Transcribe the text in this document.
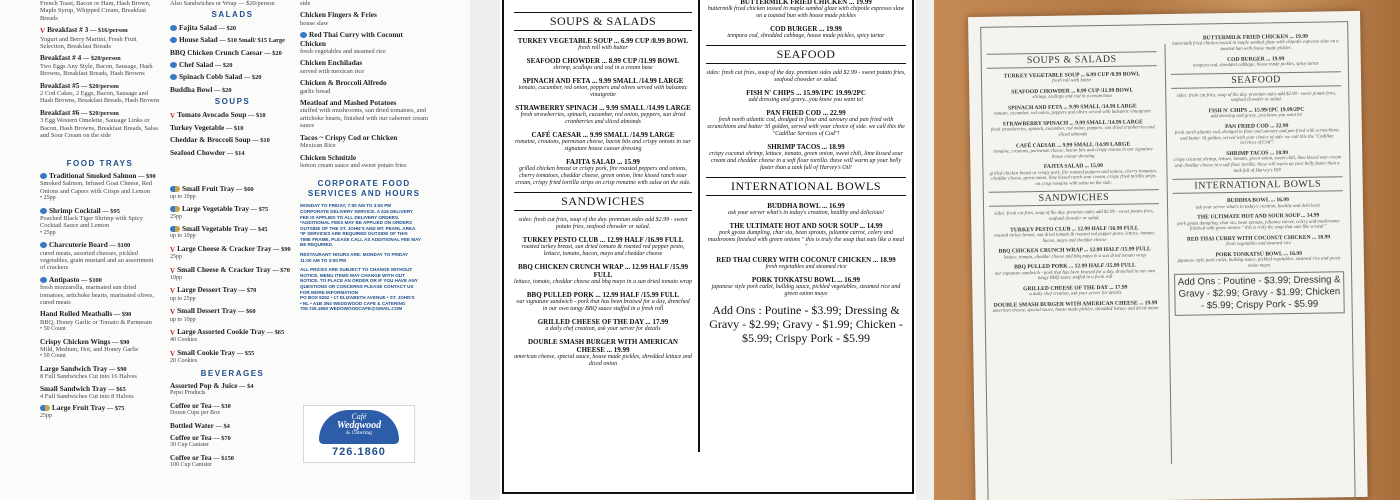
French Toast, Bacon or Ham, Hash Brown, Maple Syrup, Whipped Cream, Breakfast Breads
V Breakfast # 3 — $16/person
Yogurt and Berry Martini, Fresh Fruit Selection, Breakfast Breads
Breakfast # 4 — $20/person
Two Eggs Any Style, Bacon, Sausage, Hash Browns, Breakfast Breads, Hash Browns
Breakfast #5 — $20/person
2 Cod Cakes, 2 Eggs, Bacon, Sausage and Hash Browns, Breakfast Breads, Hash Browns
Breakfast #6 — $20/person
3 Egg Western Omelette, Sausage Links or Bacon, Hash Browns, Breakfast Breads, Salsa and Sour Cream on the side
FOOD TRAYS
Traditional Smoked Salmon — $90
Smoked Salmon, Infused Goat Cheese, Red Onions and Capers with Crisps and Lemon
• 25pp
Shrimp Cocktail — $95
Poached Black Tiger Shrimp with Spicy Cocktail Sauce and Lemon
• 25pp
Charcuterie Board — $100
cured meats, assorted cheeses, pickled vegetables, grain mustard and an assortment of crackers
Antipasto — $100
fresh mozzarella, marinated sun dried tomatoes, artichoke hearts, marinated olives, cured meats
Hand Rolled Meatballs — $90
BBQ, Honey Garlic or Tomato & Parmesan
• 50 Count
Crispy Chicken Wings — $90
Mild, Medium, Hot, and Honey Garlic
• 50 Count
Large Sandwich Tray — $90
8 Full Sandwiches Cut into 16 Halves
Small Sandwich Tray — $65
4 Full Sandwiches Cut into 8 Halves
Large Fruit Tray — $75
25pp
Also Sandwiches or Wrap — $20/person
SALADS
Fajita Salad — $20
House Salad — $10 Small/ $15 Large
BBQ Chicken Crunch Caesar — $20
Chef Salad — $20
Spinach Cobb Salad — $20
Buddha Bowl — $20
SOUPS
V Tomato Avocado Soup — $10
Turkey Vegetable — $10
Cheddar & Broccoli Soup — $10
Seafood Chowder — $14
Small Fruit Tray — $60
up to 10pp
Large Vegetable Tray — $75
25pp
Small Vegetable Tray — $45
up to 10pp
V Large Cheese & Cracker Tray — $90
25pp
V Small Cheese & Cracker Tray — $70
10pp
V Large Dessert Tray — $70
up to 25pp
V Small Dessert Tray — $60
up to 10pp
V Large Assorted Cookie Tray — $65
40 Cookies
V Small Cookie Tray — $55
20 Cookies
BEVERAGES
Assorted Pop & Juice — $4
Pepsi Products
Coffee or Tea — $30
Dozen Cups per Box
Bottled Water — $4
Coffee or Tea — $70
30 Cup Canister
Coffee or Tea — $150
100 Cup Canister
side
Chicken Fingers & Fries
house slaw
Red Thai Curry with Coconut Chicken
fresh vegetables and steamed rice
Chicken Enchiladas
served with mexican rice
Chicken & Broccoli Alfredo
garlic bread
Meatloaf and Mashed Potatoes
stuffed with mushrooms, sun dried tomatoes, and artichoke hearts, finished with our cabernet cream sauce
Tacos ~ Crispy Cod or Chicken
Mexican Rice
Chicken Schnitzle
lemon cream sauce and sweet potato fries
CORPORATE FOOD
SERVICES AND HOURS
MONDAY TO FRIDAY, 7:00 AM TO 3:00 PM
CORPORATE DELIVERY SERVICE. A $15 DELIVERY
FEE IS APPLIED TO ALL DELIVERY ORDERS.
*ADDITIONAL FEES MAY BE APPLIED ON ORDERS
OUTSIDE OF THE ST. JOHN'S AND MT. PEARL AREA.
*IF SERVICES ARE REQUIRED OUTSIDE OF THIS
TIME FRAME, PLEASE CALL AS ADDITIONAL FEE MAY
BE REQUIRED.
RESTAURANT HOURS ARE: MONDAY TO FRIDAY
11:00 AM TO 3:00 PM
ALL PRICES ARE SUBJECT TO CHANGE WITHOUT
NOTICE. MENU ITEMS MAY CHANGE WITH OUT
NOTICE. TO PLACE AN ORDER OR IF YOU HAVE ANY
QUESTIONS OR CONCERNS PLEASE CONTACT US
FOR MORE INFORMATION
PO BOX 8252 • 17 ELIZABETH AVENUE • ST. JOHN'S
• NL • A1B 3N4 WEDGWOOD CAFE & CATERING
709.726.1860 WEDGWOODCAFE@GMAIL.COM
Café
Wedgwood
& Catering
726.1860
SOUPS & SALADS
TURKEY VEGETABLE SOUP ... 6.99 CUP /8.99 BOWL
fresh roll with butter
SEAFOOD CHOWDER ... 8.99 CUP /11.99 BOWL
shrimp, scallops and cod in a cream base
SPINACH AND FETA ... 9.99 SMALL /14.99 LARGE
tomato, cucumber, red onion, peppers and olives served with balsamic vinaigrette
STRAWBERRY SPINACH ... 9.99 SMALL /14.99 LARGE
fresh strawberries, spinach, cucumber, red onion, peppers, sun dried cranberries and sliced almonds
CAFÉ CAESAR ... 9.99 SMALL /14.99 LARGE
romaine, croutons, parmesan cheese, bacon bits and crispy onions in our signature house caesar dressing
FAJITA SALAD ... 15.99
grilled chicken breast or crispy pork, fire roasted peppers and onions, cherry tomatoes, cheddar cheese, green onion, lime kissed ranch sour cream, crispy fried tortilla strips on crisp romaine with salsa on the side.
SANDWICHES
sides: fresh cut fries, soup of the day. premium sides add $2.99 - sweet potato fries, seafood chowder or salad.
TURKEY PESTO CLUB ... 12.99 HALF /16.99 FULL
roasted turkey breast, sun dried tomato & roasted red pepper pesto, lettuce, tomato, bacon, mayo and cheddar cheese
BBQ CHICKEN CRUNCH WRAP ... 12.99 HALF /15.99 FULL
lettuce, tomato, cheddar cheese and bbq mayo in a sun dried tomato wrap
BBQ PULLED PORK ... 12.99 HALF /15.99 FULL
our signature sandwich - pork that has been braised for a day, drenched in our own tangy BBQ sauce stuffed in a fresh roll
GRILLED CHEESE OF THE DAY ... 17.99
a daily chef creation, ask your server for details
DOUBLE SMASH BURGER WITH AMERICAN CHEESE ... 19.99
american cheese, special sauce, house made pickles, shredded lettuce and diced onion
BUTTERMILK FRIED CHICKEN ... 19.99
buttermilk fried chicken tossed in maple sambal glaze with chipotle espresso slaw on a toasted bun with house made pickles
COD BURGER ... 19.99
tempura cod, shredded cabbage, house made pickles, spicy tartar
SEAFOOD
sides: fresh cut fries, soup of the day. premium sides add $2.99 - sweet potato fries, seafood chowder or salad.
FISH N' CHIPS ... 15.99/1PC 19.99/2PC
add dressing and gravy...you know you want to!
PAN FRIED COD ... 22.99
fresh north atlantic cod, dredged in flour and savoury and pan fried with scrunchions and butter 'til golden, served with your choice of side. we call this the "Cadillac Services of Cod"!
SHRIMP TACOS ... 18.99
crispy coconut shrimp, lettuce, tomato, green onion, sweet chili, lime kissed sour cream and cheddar cheese in a soft flour tortilla. these will warm up your belly faster than a tank full of Harvey's Oil!
INTERNATIONAL BOWLS
BUDDHA BOWL ... 16.99
ask your server what's in today's creation, healthy and delicious!
THE ULTIMATE HOT AND SOUR SOUP ... 14.99
pork gyoza dumpling, char siu, bean sprouts, julianne carrot, celery and mushrooms finished with green onions " this is truly the soup that eats like a meal "
RED THAI CURRY WITH COCONUT CHICKEN ... 18.99
fresh vegetables and steamed rice
PORK TONKATSU BOWL ... 16.99
japanese style pork cutlet, bulldog sauce, pickled vegetables, steamed rice and green onion mayo
Add Ons : Poutine - $3.99; Dressing & Gravy - $2.99; Gravy - $1.99; Chicken - $5.99; Crispy Pork - $5.99
SOUPS & SALADS
TURKEY VEGETABLE SOUP ... 6.99 CUP /8.99 BOWL
fresh roll with butter
SEAFOOD CHOWDER ... 8.99 CUP /11.99 BOWL
shrimp, scallops and cod in a cream base
SPINACH AND FETA ... 9.99 SMALL /14.99 LARGE
tomato, cucumber, red onion, peppers and olives served with balsamic vinaigrette
STRAWBERRY SPINACH ... 9.99 SMALL /14.99 LARGE
fresh strawberries, spinach, cucumber, red onion, peppers, sun dried cranberries and sliced almonds
CAFÉ CAESAR ... 9.99 SMALL /14.99 LARGE
romaine, croutons, parmesan cheese, bacon bits and crispy onions in our signature house caesar dressing
FAJITA SALAD ... 15.99
grilled chicken breast or crispy pork, fire roasted peppers and onions, cherry tomatoes, cheddar cheese, green onion, lime kissed ranch sour cream, crispy fried tortilla strips on crisp romaine with salsa on the side.
SANDWICHES
sides: fresh cut fries, soup of the day. premium sides add $2.99 - sweet potato fries, seafood chowder or salad.
TURKEY PESTO CLUB ... 12.99 HALF /16.99 FULL
roasted turkey breast, sun dried tomato & roasted red pepper pesto, lettuce, tomato, bacon, mayo and cheddar cheese
BBQ CHICKEN CRUNCH WRAP ... 12.99 HALF /15.99 FULL
lettuce, tomato, cheddar cheese and bbq mayo in a sun dried tomato wrap
BBQ PULLED PORK ... 12.99 HALF /15.99 FULL
our signature sandwich - pork that has been braised for a day, drenched in our own tangy BBQ sauce stuffed in a fresh roll
GRILLED CHEESE OF THE DAY ... 17.99
a daily chef creation, ask your server for details
DOUBLE SMASH BURGER WITH AMERICAN CHEESE ... 19.99
american cheese, special sauce, house made pickles, shredded lettuce and diced onion
BUTTERMILK FRIED CHICKEN ... 19.99
buttermilk fried chicken tossed in maple sambal glaze with chipotle espresso slaw on a toasted bun with house made pickles
COD BURGER ... 19.99
tempura cod, shredded cabbage, house made pickles, spicy tartar
SEAFOOD
sides: fresh cut fries, soup of the day. premium sides add $2.99 - sweet potato fries, seafood chowder or salad.
FISH N' CHIPS ... 15.99/1PC 19.99/2PC
add dressing and gravy...you know you want to!
PAN FRIED COD ... 22.99
fresh north atlantic cod, dredged in flour and savoury and pan fried with scrunchions and butter 'til golden, served with your choice of side. we call this the "Cadillac Services of Cod"!
SHRIMP TACOS ... 18.99
crispy coconut shrimp, lettuce, tomato, green onion, sweet chili, lime kissed sour cream and cheddar cheese in a soft flour tortilla. these will warm up your belly faster than a tank full of Harvey's Oil!
INTERNATIONAL BOWLS
BUDDHA BOWL ... 16.99
ask your server what's in today's creation, healthy and delicious!
THE ULTIMATE HOT AND SOUR SOUP ... 14.99
pork gyoza dumpling, char siu, bean sprouts, julianne carrot, celery and mushrooms finished with green onions " this is truly the soup that eats like a meal "
RED THAI CURRY WITH COCONUT CHICKEN ... 18.99
fresh vegetables and steamed rice
PORK TONKATSU BOWL ... 16.99
japanese style pork cutlet, bulldog sauce, pickled vegetables, steamed rice and green onion mayo
Add Ons : Poutine - $3.99; Dressing & Gravy - $2.99; Gravy - $1.99; Chicken - $5.99; Crispy Pork - $5.99
